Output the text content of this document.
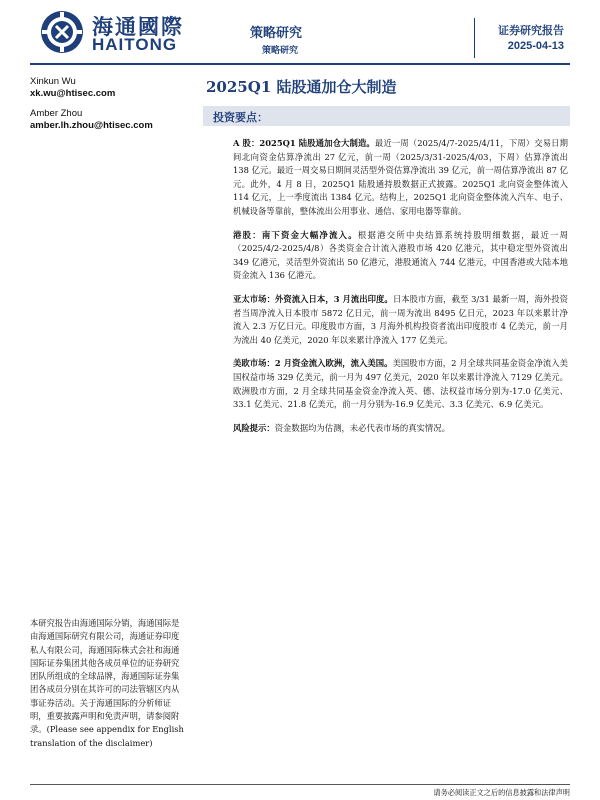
海通國際
HAITONG
策略研究
策略研究
证券研究报告
2025-04-13
Xinkun Wu
xk.wu@htisec.com
Amber Zhou
amber.lh.zhou@htisec.com
2025Q1 陆股通加仓大制造
投资要点：

A 股：2025Q1 陆股通加仓大制造。最近一周（2025/4/7-2025/4/11，下周）交易日期间北向资金估算净流出 27 亿元，前一周（2025/3/31-2025/4/03，下周）估算净流出 138 亿元。最近一周交易日期间灵活型外资估算净流出 39 亿元，前一周估算净流出 87 亿元。此外，4 月 8 日，2025Q1 陆股通持股数据正式披露。2025Q1 北向资金整体流入 114 亿元，上一季度流出 1384 亿元。结构上，2025Q1 北向资金整体流入汽车、电子、机械设备等靠前，整体流出公用事业、通信、家用电器等靠前。

港股：南下资金大幅净流入。根据港交所中央结算系统持股明细数据，最近一周（2025/4/2-2025/4/8）各类资金合计流入港股市场 420 亿港元，其中稳定型外资流出 349 亿港元，灵活型外资流出 50 亿港元，港股通流入 744 亿港元，中国香港或大陆本地资金流入 136 亿港元。

亚太市场：外资流入日本，3 月流出印度。日本股市方面，截至 3/31 最新一周，海外投资者当周净流入日本股市 5872 亿日元，前一周为流出 8495 亿日元，2023 年以来累计净流入 2.3 万亿日元。印度股市方面，3 月海外机构投资者流出印度股市 4 亿美元，前一月为流出 40 亿美元，2020 年以来累计净流入 177 亿美元。

美欧市场：2 月资金流入欧洲，流入美国。美国股市方面，2 月全球共同基金资金净流入美国权益市场 329 亿美元，前一月为 497 亿美元，2020 年以来累计净流入 7129 亿美元。欧洲股市方面，2 月全球共同基金资金净流入英、德、法权益市场分别为-17.0 亿美元、33.1 亿美元、21.8 亿美元，前一月分别为-16.9 亿美元、3.3 亿美元、6.9 亿美元。

风险提示：资金数据均为估测，未必代表市场的真实情况。

本研究报告由海通国际分销，海通国际是由海通国际研究有限公司，海通证券印度私人有限公司，海通国际株式会社和海通国际证券集团其他各成员单位的证券研究团队所组成的全球品牌，海通国际证券集团各成员分别在其许可的司法管辖区内从事证券活动。关于海通国际的分析师证明，重要披露声明和免责声明，请参阅附录。(Please see appendix for English translation of the disclaimer)
请务必阅读正文之后的信息披露和法律声明
